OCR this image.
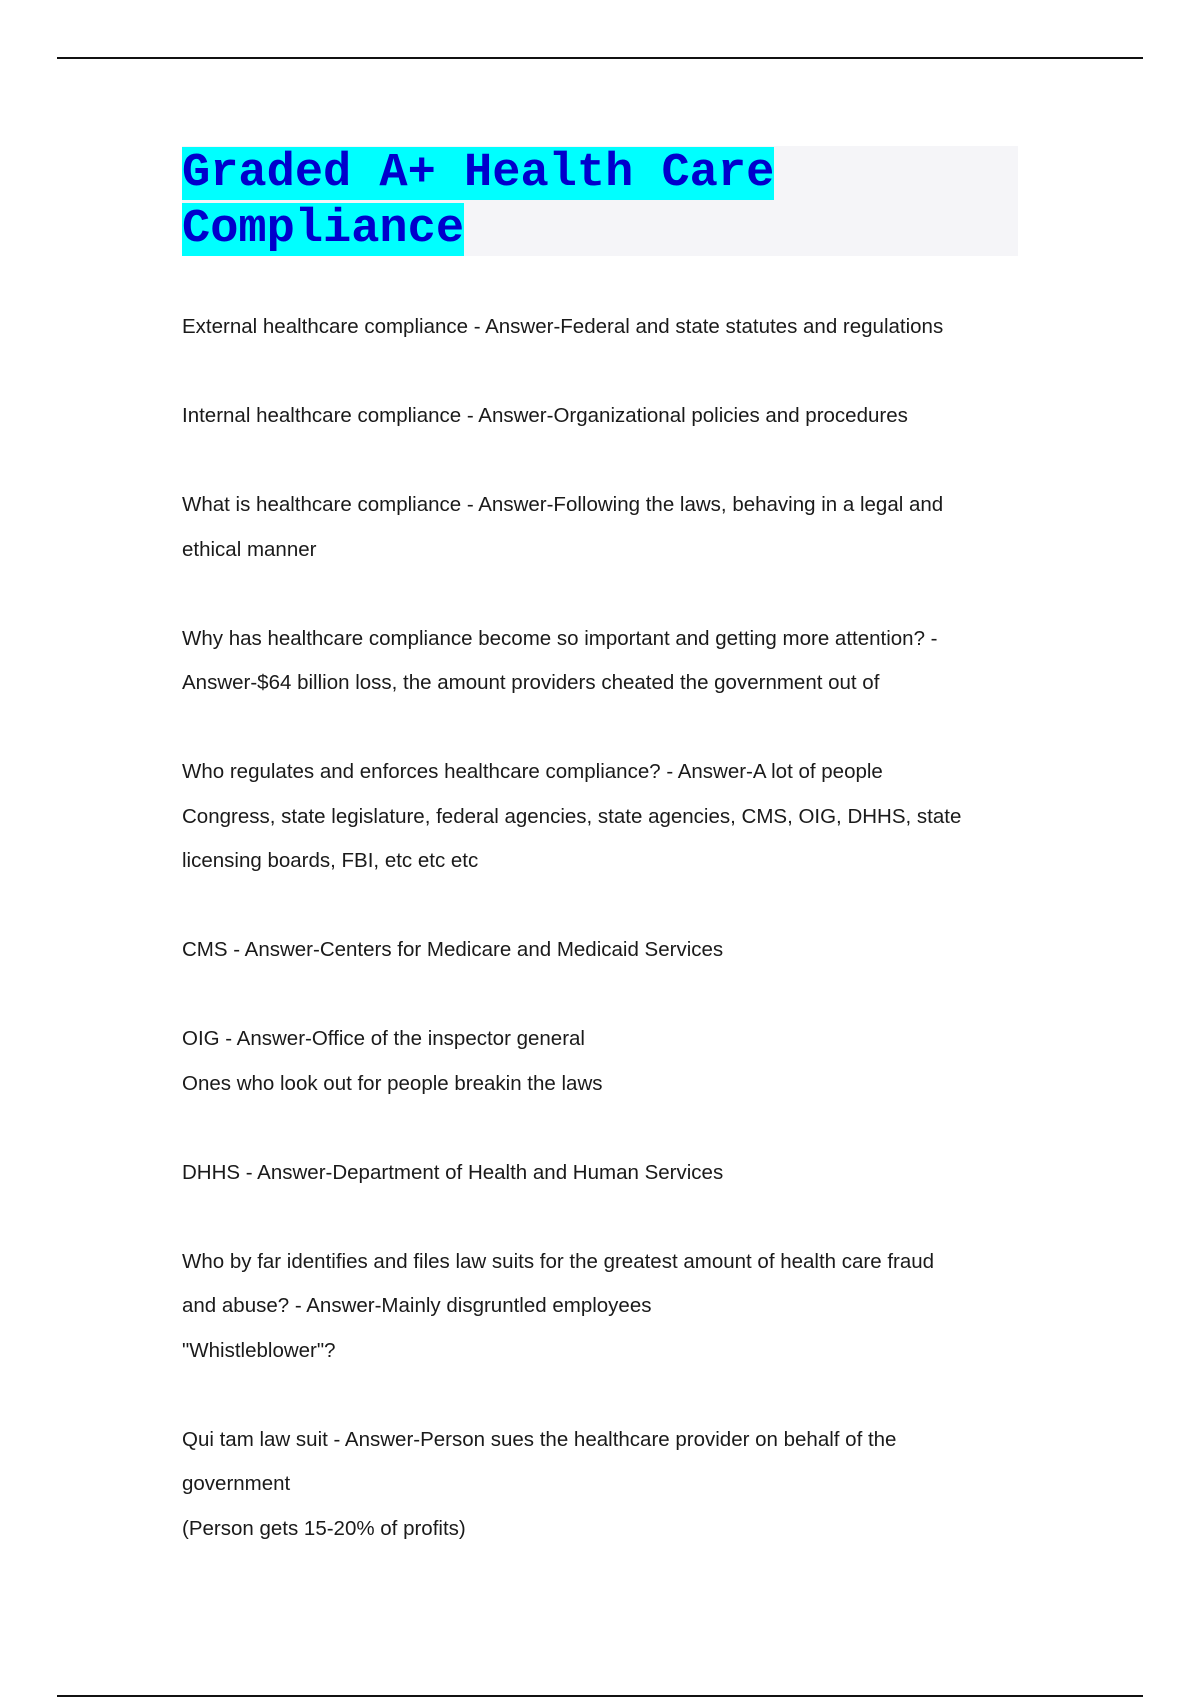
Graded A+ Health Care
Compliance

External healthcare compliance - Answer-Federal and state statutes and regulations

Internal healthcare compliance - Answer-Organizational policies and procedures

What is healthcare compliance - Answer-Following the laws, behaving in a legal and
ethical manner

Why has healthcare compliance become so important and getting more attention? -
Answer-$64 billion loss, the amount providers cheated the government out of

Who regulates and enforces healthcare compliance? - Answer-A lot of people
Congress, state legislature, federal agencies, state agencies, CMS, OIG, DHHS, state
licensing boards, FBI, etc etc etc

CMS - Answer-Centers for Medicare and Medicaid Services

OIG - Answer-Office of the inspector general
Ones who look out for people breakin the laws

DHHS - Answer-Department of Health and Human Services

Who by far identifies and files law suits for the greatest amount of health care fraud
and abuse? - Answer-Mainly disgruntled employees
"Whistleblower"?

Qui tam law suit - Answer-Person sues the healthcare provider on behalf of the
government
(Person gets 15-20% of profits)
